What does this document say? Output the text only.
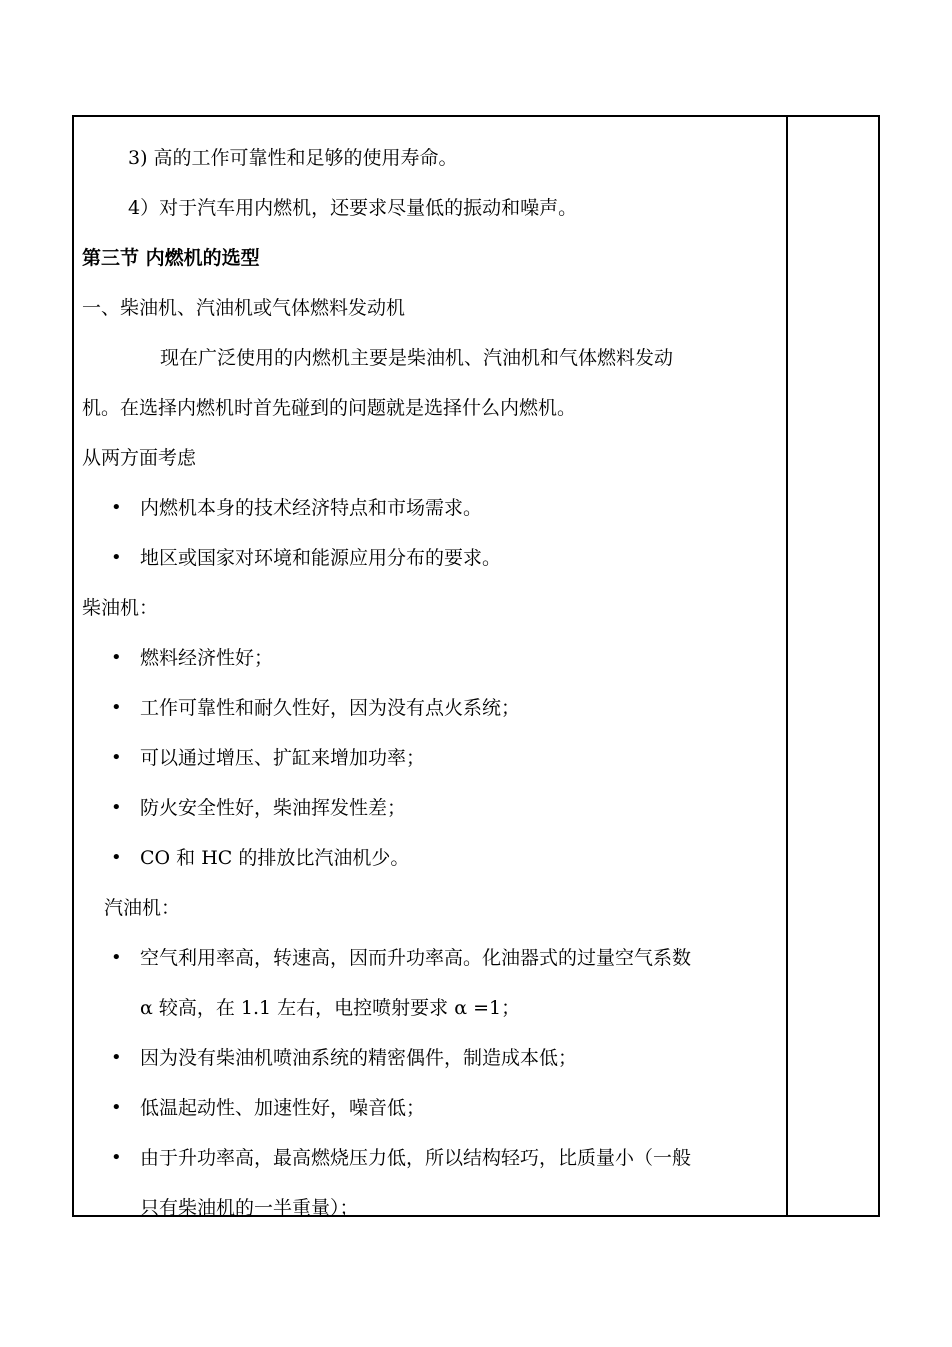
3) 高的工作可靠性和足够的使用寿命。
4）对于汽车用内燃机，还要求尽量低的振动和噪声。
第三节 内燃机的选型
一、柴油机、汽油机或气体燃料发动机
现在广泛使用的内燃机主要是柴油机、汽油机和气体燃料发动
机。在选择内燃机时首先碰到的问题就是选择什么内燃机。
从两方面考虑
• 内燃机本身的技术经济特点和市场需求。
• 地区或国家对环境和能源应用分布的要求。
柴油机：
• 燃料经济性好；
• 工作可靠性和耐久性好，因为没有点火系统；
• 可以通过增压、扩缸来增加功率；
• 防火安全性好，柴油挥发性差；
• CO 和 HC 的排放比汽油机少。
汽油机：
• 空气利用率高，转速高，因而升功率高。化油器式的过量空气系数
α 较高，在 1.1 左右，电控喷射要求 α =1；
• 因为没有柴油机喷油系统的精密偶件，制造成本低；
• 低温起动性、加速性好，噪音低；
• 由于升功率高，最高燃烧压力低，所以结构轻巧，比质量小（一般
只有柴油机的一半重量）；
